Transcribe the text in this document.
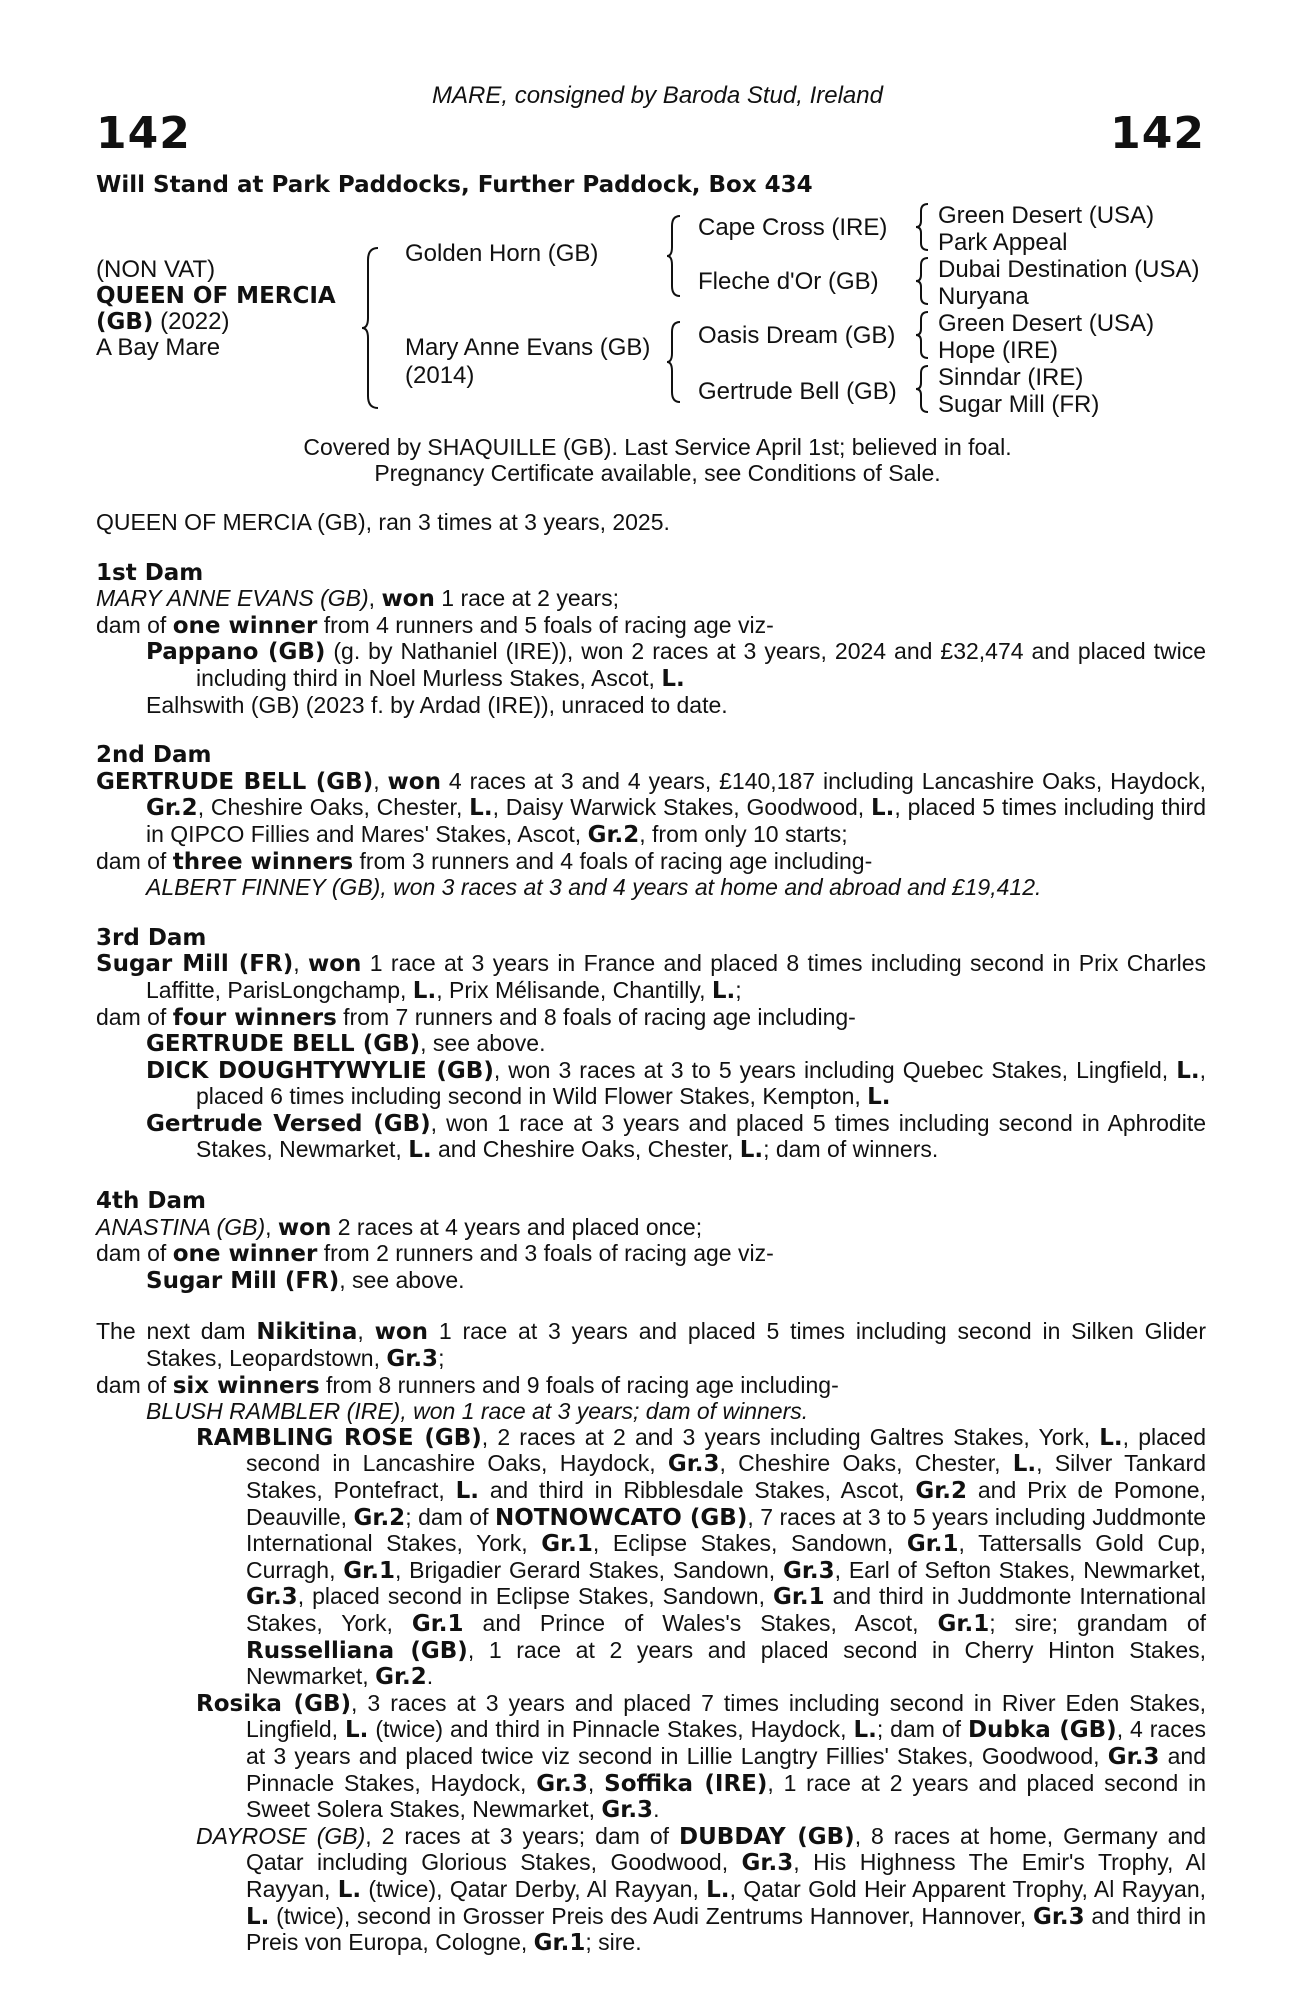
MARE, consigned by Baroda Stud, Ireland
142	142
Will Stand at Park Paddocks, Further Paddock, Box 434
(NON VAT)
QUEEN OF MERCIA
(GB) (2022)
A Bay Mare
Golden Horn (GB)
Mary Anne Evans (GB)
(2014)
Cape Cross (IRE)
Fleche d'Or (GB)
Oasis Dream (GB)
Gertrude Bell (GB)
Green Desert (USA)
Park Appeal
Dubai Destination (USA)
Nuryana
Green Desert (USA)
Hope (IRE)
Sinndar (IRE)
Sugar Mill (FR)
Covered by SHAQUILLE (GB). Last Service April 1st; believed in foal.
Pregnancy Certificate available, see Conditions of Sale.

QUEEN OF MERCIA (GB), ran 3 times at 3 years, 2025.

1st Dam

MARY ANNE EVANS (GB), won 1 race at 2 years;

dam of one winner from 4 runners and 5 foals of racing age viz-

Pappano (GB) (g. by Nathaniel (IRE)), won 2 races at 3 years, 2024 and £32,474 and placed twice including third in Noel Murless Stakes, Ascot, L.

Ealhswith (GB) (2023 f. by Ardad (IRE)), unraced to date.

2nd Dam

GERTRUDE BELL (GB), won 4 races at 3 and 4 years, £140,187 including Lancashire Oaks, Haydock, Gr.2, Cheshire Oaks, Chester, L., Daisy Warwick Stakes, Goodwood, L., placed 5 times including third in QIPCO Fillies and Mares' Stakes, Ascot, Gr.2, from only 10 starts;

dam of three winners from 3 runners and 4 foals of racing age including-

ALBERT FINNEY (GB), won 3 races at 3 and 4 years at home and abroad and £19,412.

3rd Dam

Sugar Mill (FR), won 1 race at 3 years in France and placed 8 times including second in Prix Charles Laffitte, ParisLongchamp, L., Prix Mélisande, Chantilly, L.;

dam of four winners from 7 runners and 8 foals of racing age including-

GERTRUDE BELL (GB), see above.

DICK DOUGHTYWYLIE (GB), won 3 races at 3 to 5 years including Quebec Stakes, Lingfield, L., placed 6 times including second in Wild Flower Stakes, Kempton, L.

Gertrude Versed (GB), won 1 race at 3 years and placed 5 times including second in Aphrodite Stakes, Newmarket, L. and Cheshire Oaks, Chester, L.; dam of winners.

4th Dam

ANASTINA (GB), won 2 races at 4 years and placed once;

dam of one winner from 2 runners and 3 foals of racing age viz-

Sugar Mill (FR), see above.

The next dam Nikitina, won 1 race at 3 years and placed 5 times including second in Silken Glider Stakes, Leopardstown, Gr.3;

dam of six winners from 8 runners and 9 foals of racing age including-

BLUSH RAMBLER (IRE), won 1 race at 3 years; dam of winners.

RAMBLING ROSE (GB), 2 races at 2 and 3 years including Galtres Stakes, York, L., placed second in Lancashire Oaks, Haydock, Gr.3, Cheshire Oaks, Chester, L., Silver Tankard Stakes, Pontefract, L. and third in Ribblesdale Stakes, Ascot, Gr.2 and Prix de Pomone, Deauville, Gr.2; dam of NOTNOWCATO (GB), 7 races at 3 to 5 years including Juddmonte International Stakes, York, Gr.1, Eclipse Stakes, Sandown, Gr.1, Tattersalls Gold Cup, Curragh, Gr.1, Brigadier Gerard Stakes, Sandown, Gr.3, Earl of Sefton Stakes, Newmarket, Gr.3, placed second in Eclipse Stakes, Sandown, Gr.1 and third in Juddmonte International Stakes, York, Gr.1 and Prince of Wales's Stakes, Ascot, Gr.1; sire; grandam of Russelliana (GB), 1 race at 2 years and placed second in Cherry Hinton Stakes, Newmarket, Gr.2.

Rosika (GB), 3 races at 3 years and placed 7 times including second in River Eden Stakes, Lingfield, L. (twice) and third in Pinnacle Stakes, Haydock, L.; dam of Dubka (GB), 4 races at 3 years and placed twice viz second in Lillie Langtry Fillies' Stakes, Goodwood, Gr.3 and Pinnacle Stakes, Haydock, Gr.3, Soffika (IRE), 1 race at 2 years and placed second in Sweet Solera Stakes, Newmarket, Gr.3.

DAYROSE (GB), 2 races at 3 years; dam of DUBDAY (GB), 8 races at home, Germany and Qatar including Glorious Stakes, Goodwood, Gr.3, His Highness The Emir's Trophy, Al Rayyan, L. (twice), Qatar Derby, Al Rayyan, L., Qatar Gold Heir Apparent Trophy, Al Rayyan, L. (twice), second in Grosser Preis des Audi Zentrums Hannover, Hannover, Gr.3 and third in Preis von Europa, Cologne, Gr.1; sire.
